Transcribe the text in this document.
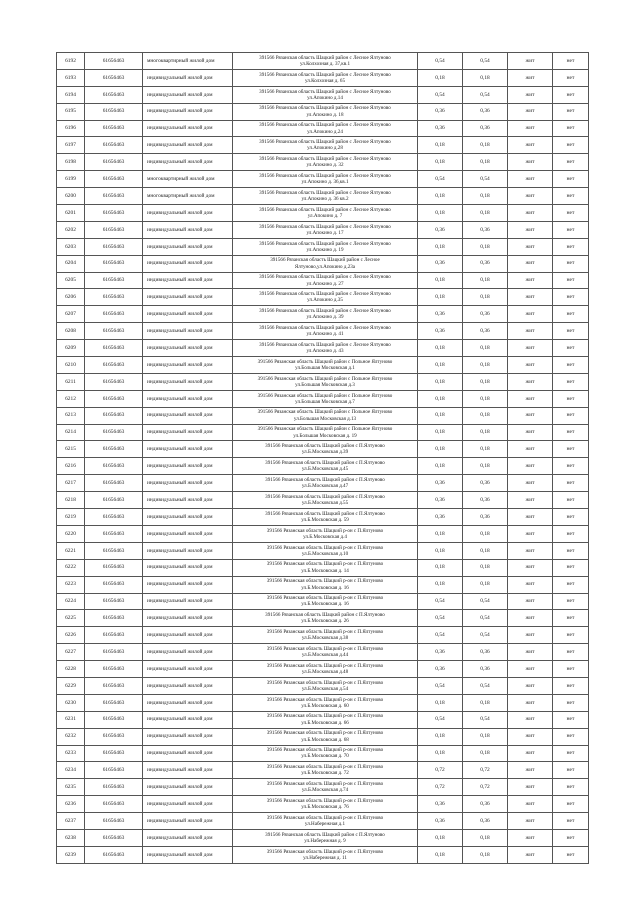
6192	61656463	многоквартирный жилой дом	391566 Рязанская область Шацкий район с Лесное Ялтуново
ул.Колхозная д. 37,кв.1	0,54	0,54	жит	нет
6193	61656463	индивидуальный жилой дом	391566 Рязанская область Шацкий район с Лесное Ялтуново
ул.Колхозная д. 65	0,18	0,18	жит	нет
6194	61656463	индивидуальный жилой дом	391566 Рязанская область Шацкий район с Лесное Ялтуново
ул.Апокино д.14	0,54	0,54	жит	нет
6195	61656463	индивидуальный жилой дом	391566 Рязанская область Шацкий район с Лесное Ялтуново
ул.Апокино д. 18	0,36	0,36	жит	нет
6196	61656463	индивидуальный жилой дом	391566 Рязанская область Шацкий район с Лесное Ялтуново
ул.Апокино д.24	0,36	0,36	жит	нет
6197	61656463	индивидуальный жилой дом	391566 Рязанская область Шацкий район с Лесное Ялтуново
ул.Апокино д.28	0,18	0,18	жит	нет
6198	61656463	индивидуальный жилой дом	391566 Рязанская область Шацкий район с Лесное Ялтуново
ул.Апокино д. 32	0,18	0,18	жит	нет
6199	61656463	многоквартирный жилой дом	391566 Рязанская область Шацкий район с Лесное Ялтуново
ул.Апокино д. 36,кв.1	0,54	0,54	жит	нет
6200	61656463	многоквартирный жилой дом	391566 Рязанская область Шацкий район с Лесное Ялтуново
ул.Апокино д. 36 кв.2	0,18	0,18	жит	нет
6201	61656463	индивидуальный жилой дом	391566 Рязанская область Шацкий район с Лесное Ялтуново
ул.Апокино д. 7	0,18	0,18	жит	нет
6202	61656463	индивидуальный жилой дом	391566 Рязанская область Шацкий район с Лесное Ялтуново
ул.Апокино д. 17	0,36	0,36	жит	нет
6203	61656463	индивидуальный жилой дом	391566 Рязанская область Шацкий район с Лесное Ялтуново
ул.Апокино д. 19	0,18	0,18	жит	нет
6204	61656463	индивидуальный жилой дом	391566 Рязанская область Шацкий район с Лесное
Ялтуново,ул.Апокино д.23а	0,36	0,36	жит	нет
6205	61656463	индивидуальный жилой дом	391566 Рязанская область Шацкий район с Лесное Ялтуново
ул.Апокино д. 27	0,18	0,18	жит	нет
6206	61656463	индивидуальный жилой дом	391566 Рязанская область Шацкий район с Лесное Ялтуново
ул.Апокино д.35	0,18	0,18	жит	нет
6207	61656463	индивидуальный жилой дом	391566 Рязанская область Шацкий район с Лесное Ялтуново
ул.Апокино д. 39	0,36	0,36	жит	нет
6208	61656463	индивидуальный жилой дом	391566 Рязанская область Шацкий район с Лесное Ялтуново
ул.Апокино д. 41	0,36	0,36	жит	нет
6209	61656463	индивидуальный жилой дом	391566 Рязанская область Шацкий район с Лесное Ялтуново
ул.Апокино д. 43	0,18	0,18	жит	нет
6210	61656463	индивидуальный жилой дом	391566 Рязанская область Шацкий район с Польное Ялтуново
ул.Большая Московская д.1	0,18	0,18	жит	нет
6211	61656463	индивидуальный жилой дом	391566 Рязанская область Шацкий район с Польное Ялтуново
ул.Большая Московская д.3	0,18	0,18	жит	нет
6212	61656463	индивидуальный жилой дом	391566 Рязанская область Шацкий район с Польное Ялтуново
ул.Большая Московская д.7	0,18	0,18	жит	нет
6213	61656463	индивидуальный жилой дом	391566 Рязанская область Шацкий район с Польное Ялтуново
ул.Большая Московская д.13	0,18	0,18	жит	нет
6214	61656463	индивидуальный жилой дом	391566 Рязанская область Шацкий район с Польное Ялтуново
ул.Большая Московская д. 19	0,18	0,18	жит	нет
6215	61656463	индивидуальный жилой дом	391566 Рязанская область Шацкий район с П.Ялтуново
ул.Б.Московская д.39	0,18	0,18	жит	нет
6216	61656463	индивидуальный жилой дом	391566 Рязанская область Шацкий район с П.Ялтуново
ул.Б.Московская д.45	0,18	0,18	жит	нет
6217	61656463	индивидуальный жилой дом	391566 Рязанская область Шацкий район с П.Ялтуново
ул.Б.Московская д.47	0,36	0,36	жит	нет
6218	61656463	индивидуальный жилой дом	391566 Рязанская область Шацкий район с П.Ялтуново
ул.Б.Московская д.55	0,36	0,36	жит	нет
6219	61656463	индивидуальный жилой дом	391566 Рязанская область Шацкий район с П.Ялтуново
ул.Б.Московская д. 59	0,36	0,36	жит	нет
6220	61656463	индивидуальный жилой дом	391566 Рязанская область Шацкий р-он с П.Ялтуново
ул.Б.Московская д.4	0,18	0,18	жит	нет
6221	61656463	индивидуальный жилой дом	391566 Рязанская область Шацкий р-он с П.Ялтуново
ул.Б.Московская д.10	0,18	0,18	жит	нет
6222	61656463	индивидуальный жилой дом	391566 Рязанская область Шацкий р-он с П.Ялтуново
ул.Б.Московская д. 14	0,18	0,18	жит	нет
6223	61656463	индивидуальный жилой дом	391566 Рязанская область Шацкий р-он с П.Ялтуново
ул.Б.Московская д. 16	0,18	0,18	жит	нет
6224	61656463	индивидуальный жилой дом	391566 Рязанская область Шацкий р-он с П.Ялтуново
ул.Б.Московская д. 16	0,54	0,54	жит	нет
6225	61656463	индивидуальный жилой дом	391566 Рязанская область Шацкий район с П.Ялтуново
ул.Б.Московская д. 26	0,54	0,54	жит	нет
6226	61656463	индивидуальный жилой дом	391566 Рязанская область Шацкий р-он с П.Ялтуново
ул.Б.Московская д.38	0,54	0,54	жит	нет
6227	61656463	индивидуальный жилой дом	391566 Рязанская область Шацкий р-он с П.Ялтуново
ул.Б.Московская д.44	0,36	0,36	жит	нет
6228	61656463	индивидуальный жилой дом	391566 Рязанская область Шацкий р-он с П.Ялтуново
ул.Б.Московская д.48	0,36	0,36	жит	нет
6229	61656463	индивидуальный жилой дом	391566 Рязанская область Шацкий р-он с П.Ялтуново
ул.Б.Московская д.54	0,54	0,54	жит	нет
6230	61656463	индивидуальный жилой дом	391566 Рязанская область Шацкий р-он с П.Ялтуново
ул.Б.Московская д. 60	0,18	0,18	жит	нет
6231	61656463	индивидуальный жилой дом	391566 Рязанская область Шацкий р-он с П.Ялтуново
ул.Б.Московская д. 66	0,54	0,54	жит	нет
6232	61656463	индивидуальный жилой дом	391566 Рязанская область Шацкий р-он с П.Ялтуново
ул.Б.Московская д. 68	0,18	0,18	жит	нет
6233	61656463	индивидуальный жилой дом	391566 Рязанская область Шацкий р-он с П.Ялтуново
ул.Б.Московская д. 70	0,18	0,18	жит	нет
6234	61656463	индивидуальный жилой дом	391566 Рязанская область Шацкий р-он с П.Ялтуново
ул.Б.Московская д. 72	0,72	0,72	жит	нет
6235	61656463	индивидуальный жилой дом	391566 Рязанская область Шацкий р-он с П.Ялтуново
ул.Б.Московская д.74	0,72	0,72	жит	нет
6236	61656463	индивидуальный жилой дом	391566 Рязанская область Шацкий р-он с П.Ялтуново
ул.Б.Московская д. 76	0,36	0,36	жит	нет
6237	61656463	индивидуальный жилой дом	391566 Рязанская область Шацкий р-он с П.Ялтуново
ул.Набережная д.1	0,36	0,36	жит	нет
6238	61656463	индивидуальный жилой дом	391566 Рязанская область Шацкий район с П.Ялтуново
ул.Набережная д. 9	0,18	0,18	жит	нет
6239	61656463	индивидуальный жилой дом	391566 Рязанская область Шацкий р-он с П.Ялтуново
ул.Набережная д. 11	0,18	0,18	жит	нет
